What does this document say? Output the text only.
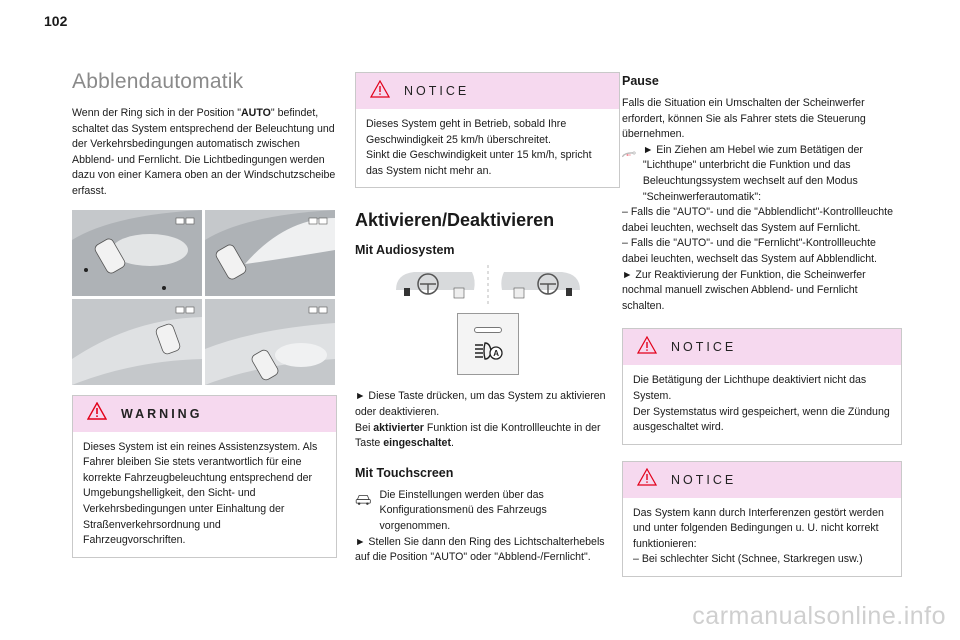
102
Abblendautomatik
Wenn der Ring sich in der Position "AUTO" befindet, schaltet das System entsprechend der Beleuchtung und der Verkehrsbedingungen automatisch zwischen Abblend- und Fernlicht. Die Lichtbedingungen werden dazu von einer Kamera oben an der Windschutzscheibe erfasst.
WARNING
Dieses System ist ein reines Assistenzsystem. Als Fahrer bleiben Sie stets verantwortlich für eine korrekte Fahrzeugbeleuchtung entsprechend der Umgebungshelligkeit, den Sicht- und Verkehrsbedingungen unter Einhaltung der Straßenverkehrsordnung und Fahrzeugvorschriften.
NOTICE

Dieses System geht in Betrieb, sobald Ihre Geschwindigkeit 25 km/h überschreitet.

Sinkt die Geschwindigkeit unter 15 km/h, spricht das System nicht mehr an.

Aktivieren/Deaktivieren
Mit Audiosystem
A

► Diese Taste drücken, um das System zu aktivieren oder deaktivieren.

Bei aktivierter Funktion ist die Kontrollleuchte in der Taste eingeschaltet.

Mit Touchscreen

Die Einstellungen werden über das Konfigurationsmenü des Fahrzeugs vorgenommen.

► Stellen Sie dann den Ring des Lichtschalterhebels auf die Position "AUTO" oder "Abblend-/Fernlicht".

Pause

Falls die Situation ein Umschalten der Scheinwerfer erfordert, können Sie als Fahrer stets die Steuerung übernehmen.

► Ein Ziehen am Hebel wie zum Betätigen der "Lichthupe" unterbricht die Funktion und das Beleuchtungssystem wechselt auf den Modus "Scheinwerferautomatik":

– Falls die "AUTO"- und die "Abblendlicht"-Kontrollleuchte dabei leuchten, wechselt das System auf Fernlicht.

– Falls die "AUTO"- und die "Fernlicht"-Kontrollleuchte dabei leuchten, wechselt das System auf Abblendlicht.

► Zur Reaktivierung der Funktion, die Scheinwerfer nochmal manuell zwischen Abblend- und Fernlicht schalten.

NOTICE

Die Betätigung der Lichthupe deaktiviert nicht das System.

Der Systemstatus wird gespeichert, wenn die Zündung ausgeschaltet wird.

NOTICE

Das System kann durch Interferenzen gestört werden und unter folgenden Bedingungen u. U. nicht korrekt funktionieren:

– Bei schlechter Sicht (Schnee, Starkregen usw.)

carmanualsonline.info
